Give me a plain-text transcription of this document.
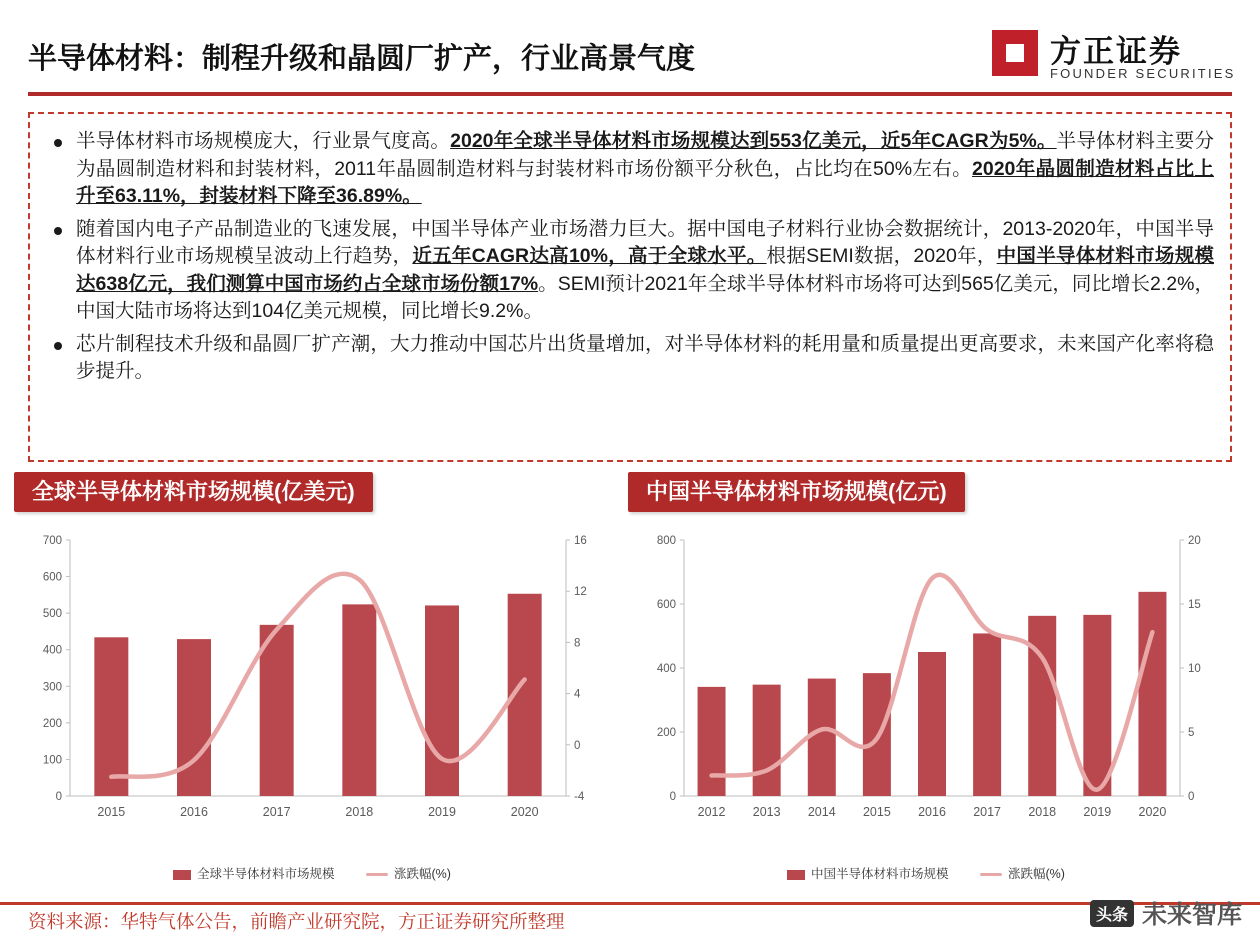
半导体材料：制程升级和晶圆厂扩产，行业高景气度	方正证券
FOUNDER SECURITIES
半导体材料市场规模庞大，行业景气度高。2020年全球半导体材料市场规模达到553亿美元，近5年CAGR为5%。半导体材料主要分为晶圆制造材料和封装材料，2011年晶圆制造材料与封装材料市场份额平分秋色，占比均在50%左右。2020年晶圆制造材料占比上升至63.11%，封装材料下降至36.89%。
随着国内电子产品制造业的飞速发展，中国半导体产业市场潜力巨大。据中国电子材料行业协会数据统计，2013-2020年，中国半导体材料行业市场规模呈波动上行趋势，近五年CAGR达高10%，高于全球水平。根据SEMI数据，2020年，中国半导体材料市场规模达638亿元，我们测算中国市场约占全球市场份额17%。SEMI预计2021年全球半导体材料市场将可达到565亿美元，同比增长2.2%，中国大陆市场将达到104亿美元规模，同比增长9.2%。
芯片制程技术升级和晶圆厂扩产潮，大力推动中国芯片出货量增加，对半导体材料的耗用量和质量提出更高要求，未来国产化率将稳步提升。
全球半导体材料市场规模(亿美元)
0
100
200
300
400
500
600
700
-4
0
4
8
12
16
2015	2016	2017	2018	2019	2020
全球半导体材料市场规模	涨跌幅(%)
中国半导体材料市场规模(亿元)
0
200
400
600
800
0
5
10
15
20
2012 2013 2014 2015 2016 2017 2018 2019 2020
中国半导体材料市场规模	涨跌幅(%)
资料来源：华特气体公告，前瞻产业研究院，方正证券研究所整理	头条 未来智库
